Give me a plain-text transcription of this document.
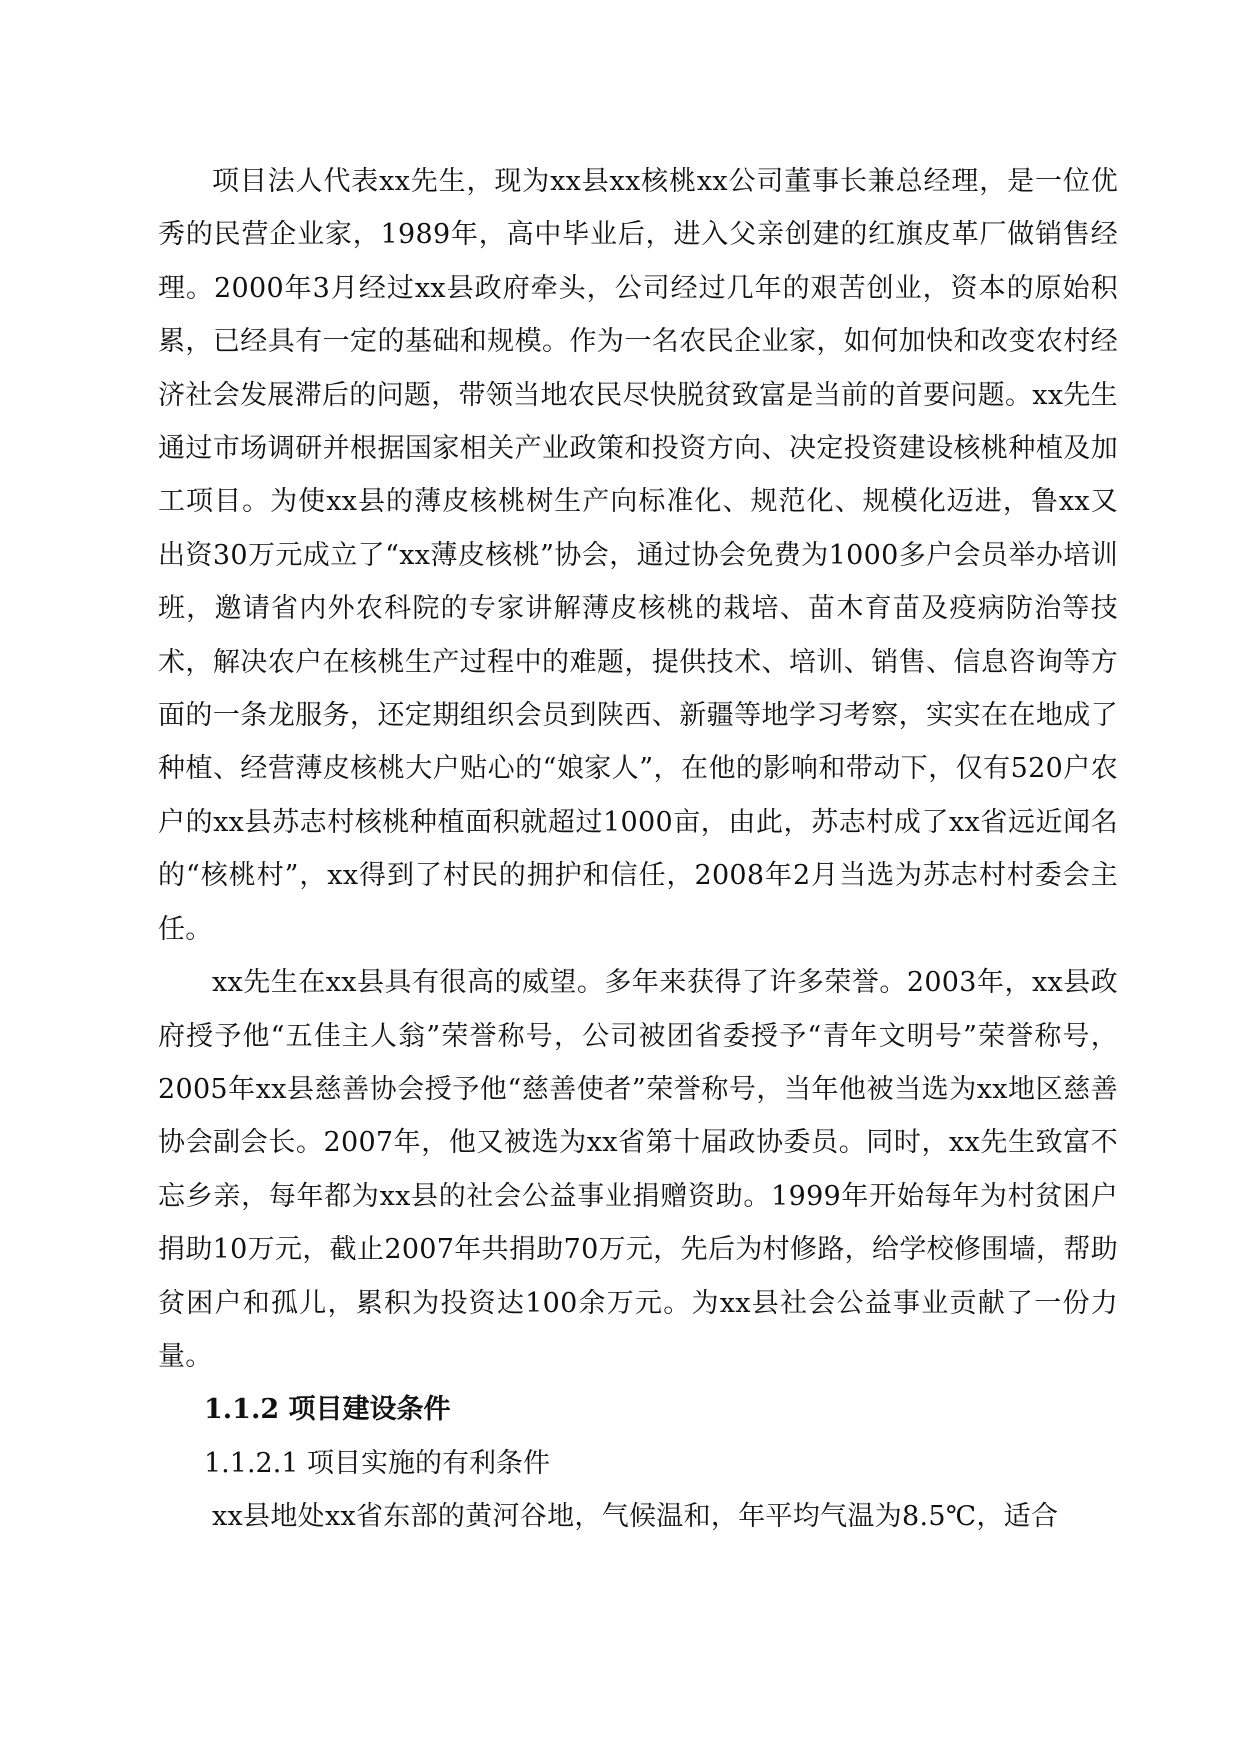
项目法人代表xx先生，现为xx县xx核桃xx公司董事长兼总经理，是一位优秀的民营企业家，1989年，高中毕业后，进入父亲创建的红旗皮革厂做销售经理。2000年3月经过xx县政府牵头，公司经过几年的艰苦创业，资本的原始积累，已经具有一定的基础和规模。作为一名农民企业家，如何加快和改变农村经济社会发展滞后的问题，带领当地农民尽快脱贫致富是当前的首要问题。xx先生通过市场调研并根据国家相关产业政策和投资方向、决定投资建设核桃种植及加工项目。为使xx县的薄皮核桃树生产向标准化、规范化、规模化迈进，鲁xx又出资30万元成立了“xx薄皮核桃”协会，通过协会免费为1000多户会员举办培训班，邀请省内外农科院的专家讲解薄皮核桃的栽培、苗木育苗及疫病防治等技术，解决农户在核桃生产过程中的难题，提供技术、培训、销售、信息咨询等方面的一条龙服务，还定期组织会员到陕西、新疆等地学习考察，实实在在地成了种植、经营薄皮核桃大户贴心的“娘家人”，在他的影响和带动下，仅有520户农户的xx县苏志村核桃种植面积就超过1000亩，由此，苏志村成了xx省远近闻名的“核桃村”，xx得到了村民的拥护和信任，2008年2月当选为苏志村村委会主任。

xx先生在xx县具有很高的威望。多年来获得了许多荣誉。2003年，xx县政府授予他“五佳主人翁”荣誉称号，公司被团省委授予“青年文明号”荣誉称号，2005年xx县慈善协会授予他“慈善使者”荣誉称号，当年他被当选为xx地区慈善协会副会长。2007年，他又被选为xx省第十届政协委员。同时，xx先生致富不忘乡亲，每年都为xx县的社会公益事业捐赠资助。1999年开始每年为村贫困户捐助10万元，截止2007年共捐助70万元，先后为村修路，给学校修围墙，帮助贫困户和孤儿，累积为投资达100余万元。为xx县社会公益事业贡献了一份力量。

1.1.2 项目建设条件

1.1.2.1 项目实施的有利条件

xx县地处xx省东部的黄河谷地，气候温和，年平均气温为8.5℃，适合
